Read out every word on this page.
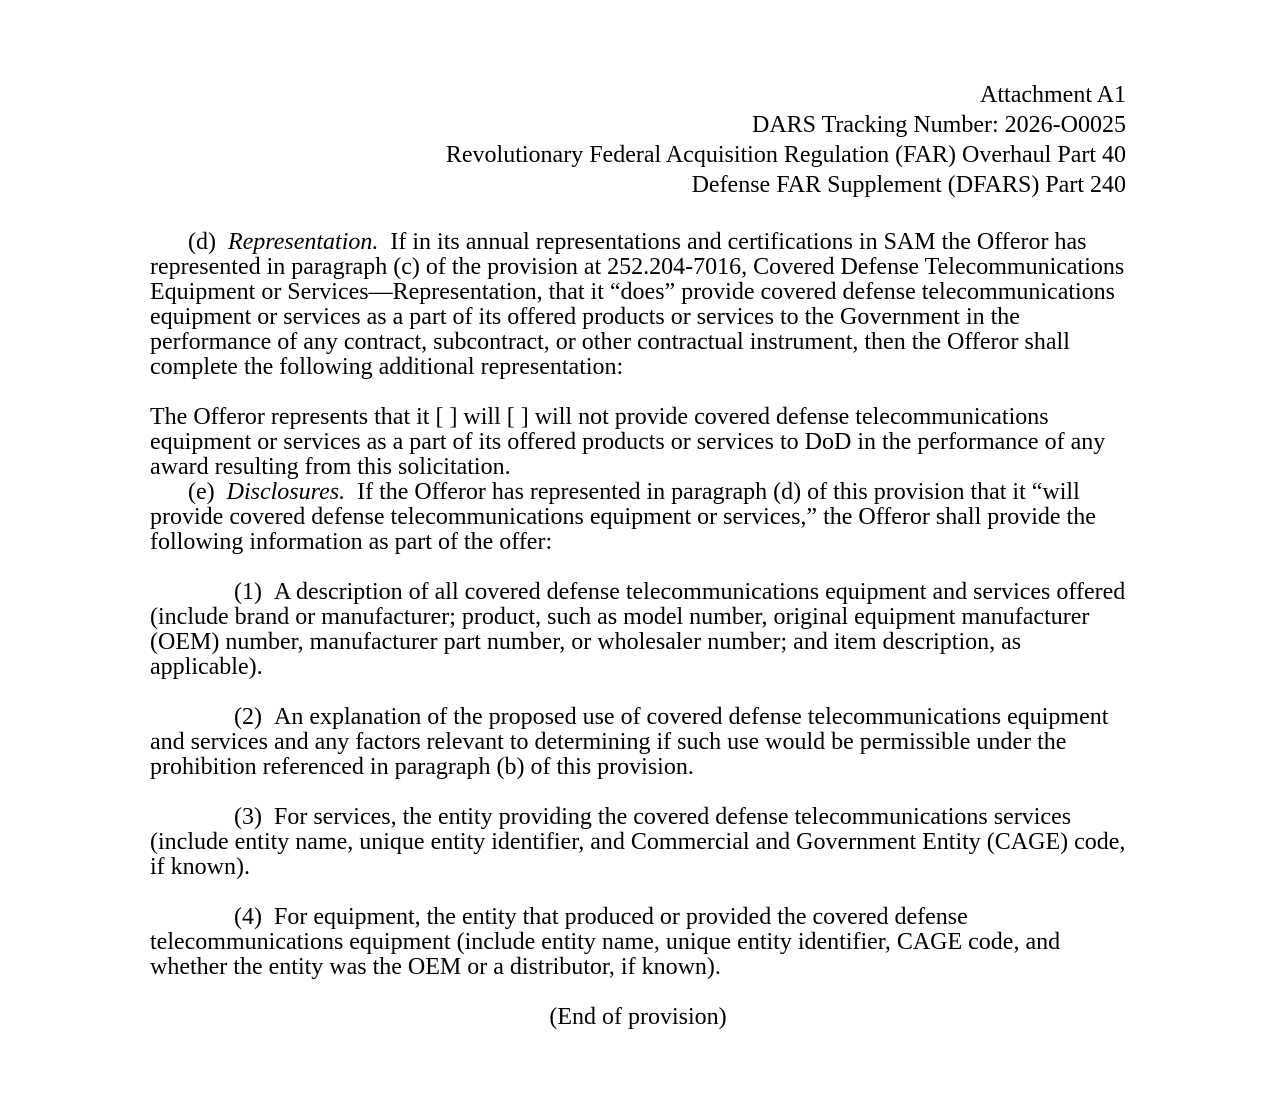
Attachment A1
DARS Tracking Number: 2026-O0025
Revolutionary Federal Acquisition Regulation (FAR) Overhaul Part 40
Defense FAR Supplement (DFARS) Part 240

(d) Representation. If in its annual representations and certifications in SAM the Offeror has represented in paragraph (c) of the provision at 252.204-7016, Covered Defense Telecommunications Equipment or Services—Representation, that it “does” provide covered defense telecommunications equipment or services as a part of its offered products or services to the Government in the performance of any contract, subcontract, or other contractual instrument, then the Offeror shall complete the following additional representation:

The Offeror represents that it [ ] will [ ] will not provide covered defense telecommunications equipment or services as a part of its offered products or services to DoD in the performance of any award resulting from this solicitation.

(e) Disclosures. If the Offeror has represented in paragraph (d) of this provision that it “will provide covered defense telecommunications equipment or services,” the Offeror shall provide the following information as part of the offer:

(1) A description of all covered defense telecommunications equipment and services offered (include brand or manufacturer; product, such as model number, original equipment manufacturer (OEM) number, manufacturer part number, or wholesaler number; and item description, as applicable).

(2) An explanation of the proposed use of covered defense telecommunications equipment and services and any factors relevant to determining if such use would be permissible under the prohibition referenced in paragraph (b) of this provision.

(3) For services, the entity providing the covered defense telecommunications services (include entity name, unique entity identifier, and Commercial and Government Entity (CAGE) code, if known).

(4) For equipment, the entity that produced or provided the covered defense telecommunications equipment (include entity name, unique entity identifier, CAGE code, and whether the entity was the OEM or a distributor, if known).

(End of provision)
